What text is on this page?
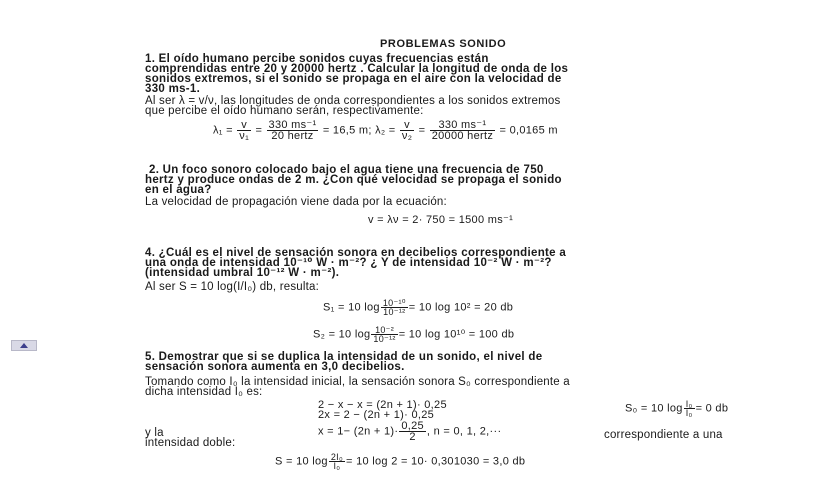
PROBLEMAS SONIDO
1. El oído humano percibe sonidos cuyas frecuencias están
comprendidas entre 20 y 20000 hertz . Calcular la longitud de onda de los
sonidos extremos, si el sonido se propaga en el aire con la velocidad de
330 ms-1.
Al ser λ = v/ν, las longitudes de onda correspondientes a los sonidos extremos
que percibe el oído humano serán, respectivamente:
$\lambda_1 = \frac{v}{\text{ν₁}} = \frac{\text{330 ms⁻¹}}{\text{20 hertz}} = 16,5$ m; $\lambda_2 = \frac{v}{\text{ν₂}} = \frac{\text{330 ms⁻¹}}{\text{20000 hertz}} = 0,0165$ m
2. Un foco sonoro colocado bajo el agua tiene una frecuencia de 750
hertz y produce ondas de 2 m. ¿Con qué velocidad se propaga el sonido
en el agua?
La velocidad de propagación viene dada por la ecuación:
v = λν = 2· 750 = 1500 ms⁻¹
4. ¿Cuál es el nivel de sensación sonora en decibelios correspondiente a
una onda de intensidad 10⁻¹⁰ W · m⁻²? ¿ Y de intensidad 10⁻² W · m⁻²?
(intensidad umbral 10⁻¹² W · m⁻²).
Al ser S = 10 log(I/I₀) db, resulta:
S₁ = 10 $\log \frac{\text{10⁻¹⁰}}{\text{10⁻¹²}} = 10$ log 10² = 20 db
S₂ = 10 $\log \frac{\text{10⁻²}}{\text{10⁻¹²}} = 10$ log 10¹⁰ = 100 db
5. Demostrar que si se duplica la intensidad de un sonido, el nivel de
sensación sonora aumenta en 3,0 decibelios.
Tomando como I₀ la intensidad inicial, la sensación sonora S₀ correspondiente a
dicha intensidad I₀ es:
2 − x − x = (2n + 1)· 0,25
2x = 2 − (2n + 1)· 0,25
S₀ = 10 $\log \frac{\text{I₀}}{\text{I₀}} = 0$ db
y la
intensidad doble:
$x = 1- (2n + 1)\cdot \frac{0,25}{2}$ , n = 0, 1, 2,···	correspondiente a una
S = 10 $\log \frac{\text{2I₀}}{\text{I₀}} = 10$ log 2 = 10· 0,301030 = 3,0 db
